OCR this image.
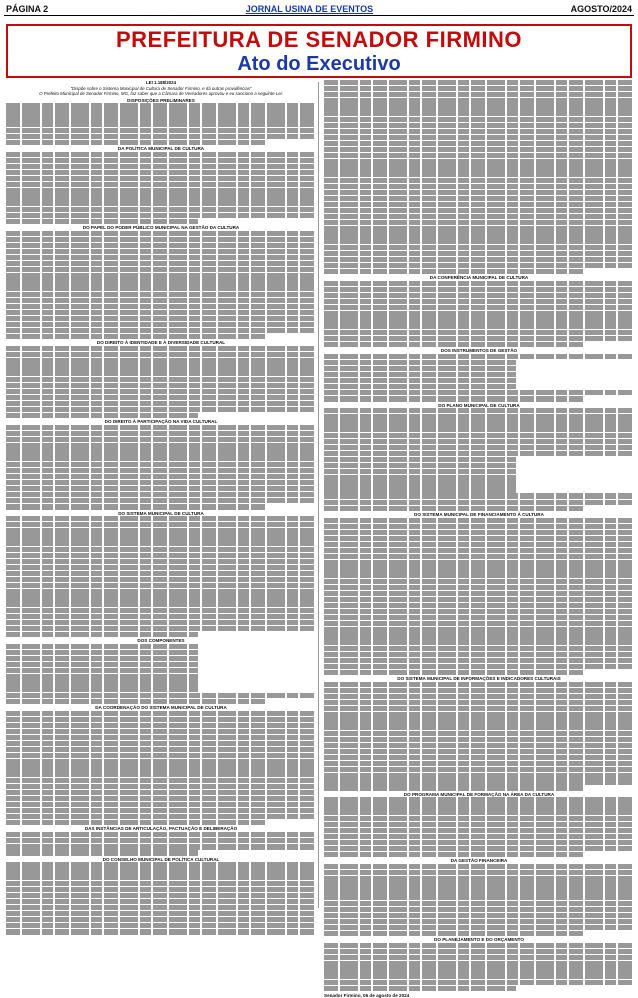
PÁGINA 2	JORNAL USINA DE EVENTOS	AGOSTO/2024
PREFEITURA DE SENADOR FIRMINO
Ato do Executivo
LEI 1.188/2024
"Dispõe sobre o Sistema Municipal de Cultura de Senador Firmino, e dá outras providências"
O Prefeito Municipal de Senador Firmino, MG, faz saber que a Câmara de Vereadores aprovou e eu sanciono a seguinte Lei:
DISPOSIÇÕES PRELIMINARES
DA POLÍTICA MUNICIPAL DE CULTURA
DO PAPEL DO PODER PÚBLICO MUNICIPAL NA GESTÃO DA CULTURA
DO DIREITO À IDENTIDADE E À DIVERSIDADE CULTURAL
DO DIREITO À PARTICIPAÇÃO NA VIDA CULTURAL
DO SISTEMA MUNICIPAL DE CULTURA
DOS COMPONENTES
DA COORDENAÇÃO DO SISTEMA MUNICIPAL DE CULTURA
DAS INSTÂNCIAS DE ARTICULAÇÃO, PACTUAÇÃO E DELIBERAÇÃO
DO CONSELHO MUNICIPAL DE POLÍTICA CULTURAL
DA CONFERÊNCIA MUNICIPAL DE CULTURA
DOS INSTRUMENTOS DE GESTÃO
DO PLANO MUNICIPAL DE CULTURA
DO SISTEMA MUNICIPAL DE FINANCIAMENTO À CULTURA
DO SISTEMA MUNICIPAL DE INFORMAÇÕES E INDICADORES CULTURAIS
DO PROGRAMA MUNICIPAL DE FORMAÇÃO NA ÁREA DA CULTURA
DA GESTÃO FINANCEIRA
DO PLANEJAMENTO E DO ORÇAMENTO
Senador Firmino, 06 de agosto de 2024
